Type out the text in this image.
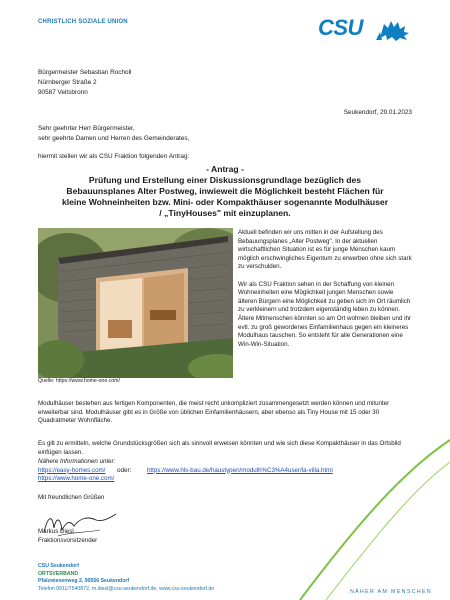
CHRISTLICH SOZIALE UNION	CSU
Bürgermeister Sebastian Rocholl
Nürnberger Straße 2
90587 Veitsbronn
Seukendorf, 29.01.2023
Sehr geehrter Herr Bürgermeister,
sehr geehrte Damen und Herren des Gemeinderates,
hiermit stellen wir als CSU Fraktion folgenden Antrag:
- Antrag -
Prüfung und Erstellung einer Diskussionsgrundlage bezüglich des Bebauunsplanes Alter Postweg, inwieweit die Möglichkeit besteht Flächen für kleine Wohneinheiten bzw. Mini- oder Kompakthäuser sogenannte Modulhäuser / „TinyHouses" mit einzuplanen.
Quelle: https://www.home-one.com/

Aktuell befinden wir uns mitten in der Aufstellung des Bebauungsplanes „Alter Postweg". In der aktuellen wirtschaftlichen Situation ist es für junge Menschen kaum möglich erschwingliches Eigentum zu erwerben ohne sich stark zu verschulden.

Wir als CSU Fraktion sehen in der Schaffung von kleinen Wohneinheiten eine Möglichkeit jungen Menschen sowie älteren Bürgern eine Möglichkeit zu geben sich im Ort räumlich zu verkleinern und trotzdem eigenständig leben zu können. Ältere Mitmenschen könnten so am Ort wohnen bleiben und ihr evtl. zu groß gewordenes Einfamilienhaus gegen ein kleineres Modulhaus tauschen. So entsteht für alle Generationen eine Win-Win-Situation.

Modulhäuser bestehen aus fertigen Komponenten, die meist recht unkompliziert zusammengesetzt werden können und mitunter erweiterbar sind. Modulhäuser gibt es in Größe von üblichen Einfamilienhäusern, aber ebenso als Tiny House mit 15 oder 30 Quadratmeter Wohnfläche.
Es gilt zu ermitteln, welche Grundstücksgrößen sich als sinnvoll erweisen könnten und wie sich diese Kompakthäuser in das Ortsbild einfügen lassen.
Nähere Informationen unter:
https://easy-homes.com/ oder:	https://www.hls-bau.de/haustypen/modulh%C3%A4user/la-villa.html
https://www.home-one.com/
Mit freundlichen Grüßen
Markus Diesl
Fraktionsvorsitzender
CSU Seukendorf
ORTSVERBAND
Pfalzwiesenweg 2, 90556 Seukendorf
Telefon 0911/7540872, m.diesl@csu-seukendorf.de, www.csu-seukendorf.de
NÄHER AM MENSCHEN
